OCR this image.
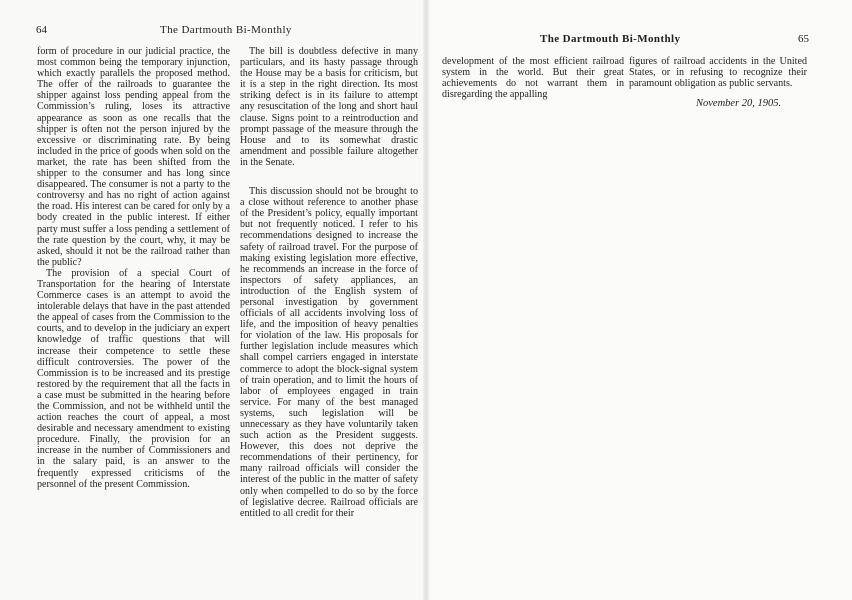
64	The Dartmouth Bi-Monthly

form of procedure in our judicial practice, the most common being the temporary injunction, which exactly parallels the proposed method. The offer of the railroads to guarantee the shipper against loss pending appeal from the Commission’s ruling, loses its attractive appearance as soon as one recalls that the shipper is often not the person injured by the excessive or discriminating rate. By being included in the price of goods when sold on the market, the rate has been shifted from the shipper to the consumer and has long since disappeared. The consumer is not a party to the controversy and has no right of action against the road. His interest can be cared for only by a body created in the public interest. If either party must suffer a loss pending a settlement of the rate question by the court, why, it may be asked, should it not be the railroad rather than the public?

The provision of a special Court of Transportation for the hearing of Interstate Commerce cases is an attempt to avoid the intolerable delays that have in the past attended the appeal of cases from the Commission to the courts, and to develop in the judiciary an expert knowledge of traffic questions that will increase their competence to settle these difficult controversies. The power of the Commission is to be increased and its prestige restored by the requirement that all the facts in a case must be submitted in the hearing before the Commission, and not be withheld until the action reaches the court of appeal, a most desirable and necessary amendment to existing procedure. Finally, the provision for an increase in the number of Commissioners and in the salary paid, is an answer to the frequently expressed criticisms of the personnel of the present Commission.

The bill is doubtless defective in many particulars, and its hasty passage through the House may be a basis for criticism, but it is a step in the right direction. Its most striking defect is in its failure to attempt any resuscitation of the long and short haul clause. Signs point to a reintroduction and prompt passage of the measure through the House and to its somewhat drastic amendment and possible failure altogether in the Senate.

This discussion should not be brought to a close without reference to another phase of the President’s policy, equally important but not frequently noticed. I refer to his recommendations designed to increase the safety of railroad travel. For the purpose of making existing legislation more effective, he recommends an increase in the force of inspectors of safety appliances, an introduction of the English system of personal investigation by government officials of all accidents involving loss of life, and the imposition of heavy penalties for violation of the law. His proposals for further legislation include measures which shall compel carriers engaged in interstate commerce to adopt the block-signal system of train operation, and to limit the hours of labor of employees engaged in train service. For many of the best managed systems, such legislation will be unnecessary as they have voluntarily taken such action as the President suggests. However, this does not deprive the recommendations of their pertinency, for many railroad officials will consider the interest of the public in the matter of safety only when compelled to do so by the force of legislative decree. Railroad officials are entitled to all credit for their

The Dartmouth Bi-Monthly	65

development of the most efficient railroad system in the world. But their great achievements do not warrant them in disregarding the appalling

figures of railroad accidents in the United States, or in refusing to recognize their paramount obligation as public servants.

November 20, 1905.
